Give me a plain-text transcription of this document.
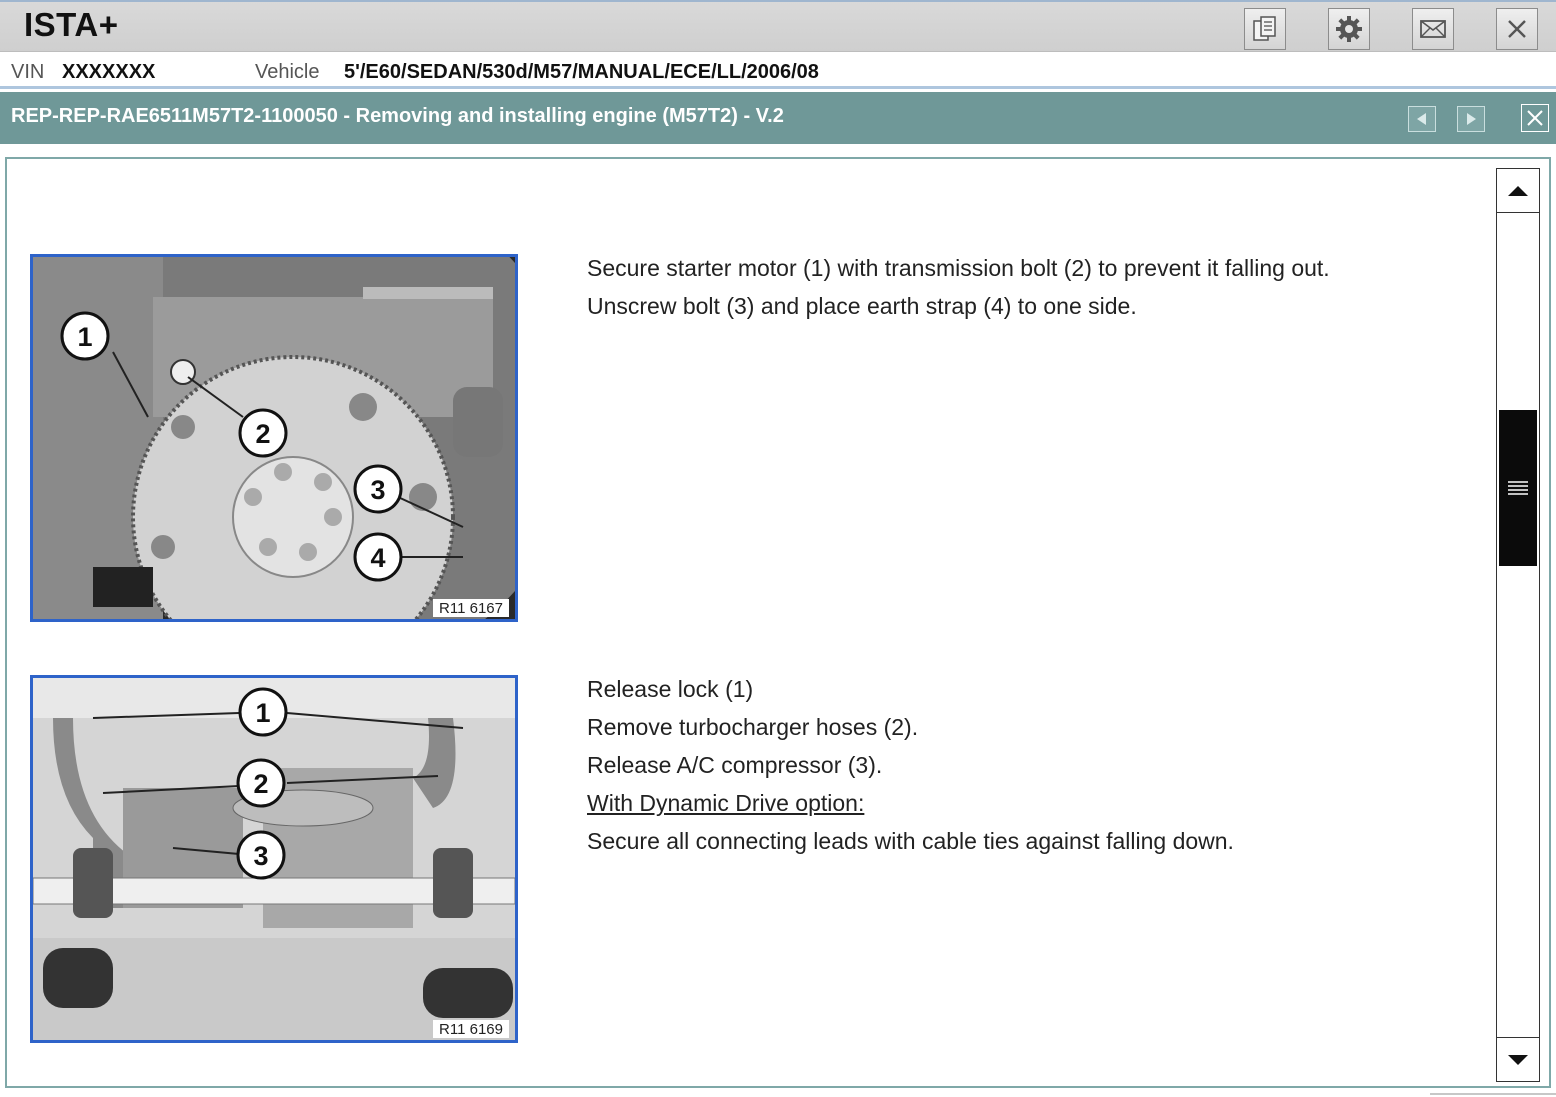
ISTA+
VIN XXXXXXX	Vehicle 5'/E60/SEDAN/530d/M57/MANUAL/ECE/LL/2006/08
REP-REP-RAE6511M57T2-1100050 - Removing and installing engine (M57T2) - V.2
1
2
3
4
R11 6167
Secure starter motor (1) with transmission bolt (2) to prevent it falling out.
Unscrew bolt (3) and place earth strap (4) to one side.
1
2
3
R11 6169
Release lock (1)
Remove turbocharger hoses (2).
Release A/C compressor (3).
With Dynamic Drive option:
Secure all connecting leads with cable ties against falling down.
